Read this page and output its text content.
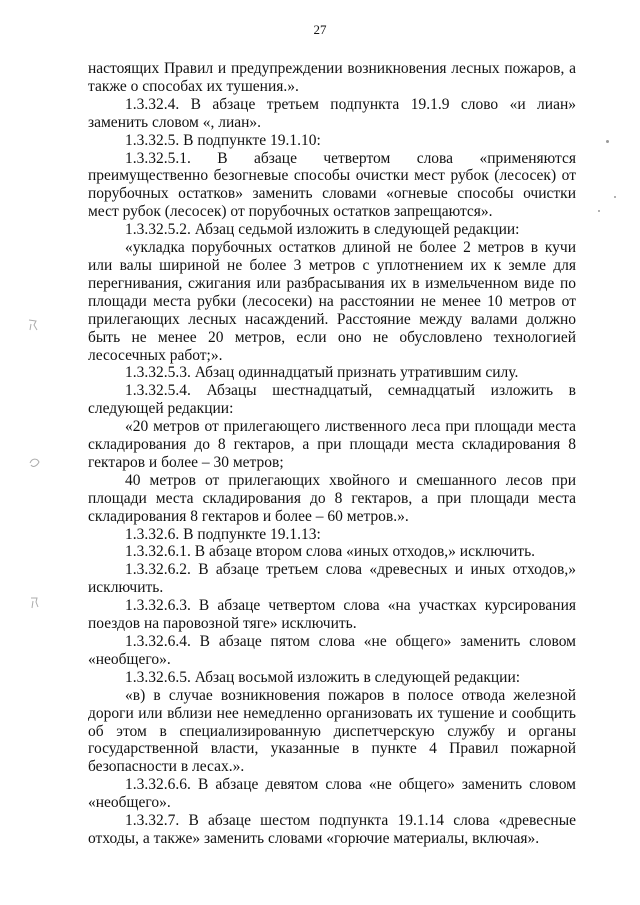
27

настоящих Правил и предупреждении возникновения лесных пожаров, а также о способах их тушения.».

1.3.32.4. В абзаце третьем подпункта 19.1.9 слово «и лиан» заменить словом «, лиан».

1.3.32.5. В подпункте 19.1.10:

1.3.32.5.1. В абзаце четвертом слова «применяются преимущественно безогневые способы очистки мест рубок (лесосек) от порубочных остатков» заменить словами «огневые способы очистки мест рубок (лесосек) от порубочных остатков запрещаются».

1.3.32.5.2. Абзац седьмой изложить в следующей редакции:

«укладка порубочных остатков длиной не более 2 метров в кучи или валы шириной не более 3 метров с уплотнением их к земле для перегнивания, сжигания или разбрасывания их в измельченном виде по площади места рубки (лесосеки) на расстоянии не менее 10 метров от прилегающих лесных насаждений. Расстояние между валами должно быть не менее 20 метров, если оно не обусловлено технологией лесосечных работ;».

1.3.32.5.3. Абзац одиннадцатый признать утратившим силу.

1.3.32.5.4. Абзацы шестнадцатый, семнадцатый изложить в следующей редакции:

«20 метров от прилегающего лиственного леса при площади места складирования до 8 гектаров, а при площади места складирования 8 гектаров и более – 30 метров;

40 метров от прилегающих хвойного и смешанного лесов при площади места складирования до 8 гектаров, а при площади места складирования 8 гектаров и более – 60 метров.».

1.3.32.6. В подпункте 19.1.13:

1.3.32.6.1. В абзаце втором слова «иных отходов,» исключить.

1.3.32.6.2. В абзаце третьем слова «древесных и иных отходов,» исключить.

1.3.32.6.3. В абзаце четвертом слова «на участках курсирования поездов на паровозной тяге» исключить.

1.3.32.6.4. В абзаце пятом слова «не общего» заменить словом «необщего».

1.3.32.6.5. Абзац восьмой изложить в следующей редакции:

«в) в случае возникновения пожаров в полосе отвода железной дороги или вблизи нее немедленно организовать их тушение и сообщить об этом в специализированную диспетчерскую службу и органы государственной власти, указанные в пункте 4 Правил пожарной безопасности в лесах.».

1.3.32.6.6. В абзаце девятом слова «не общего» заменить словом «необщего».

1.3.32.7. В абзаце шестом подпункта 19.1.14 слова «древесные отходы, а также» заменить словами «горючие материалы, включая».
